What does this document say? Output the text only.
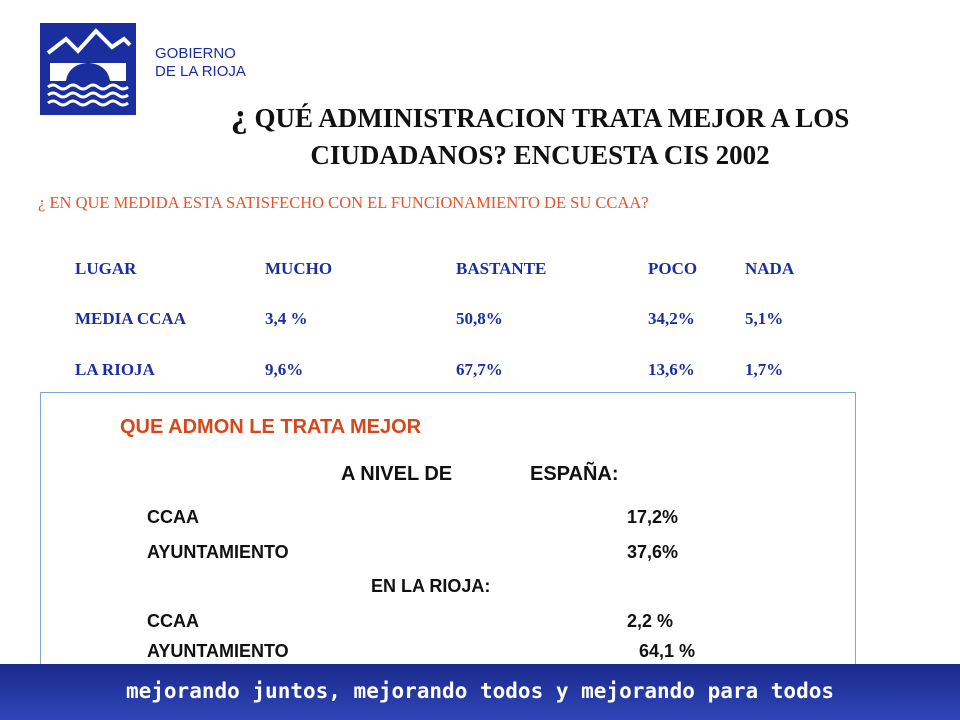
GOBIERNO
DE LA RIOJA
¿ QUÉ ADMINISTRACION TRATA MEJOR A LOS
CIUDADANOS? ENCUESTA CIS 2002
¿ EN QUE MEDIDA ESTA SATISFECHO CON EL FUNCIONAMIENTO DE SU CCAA?
LUGAR	MUCHO	BASTANTE	POCO	NADA
MEDIA CCAA	3,4 %	50,8%	34,2%	5,1%
LA RIOJA	9,6%	67,7%	13,6%	1,7%
QUE ADMON LE TRATA MEJOR
A NIVEL DE	ESPAÑA:
CCAA	17,2%
AYUNTAMIENTO	37,6%
EN LA RIOJA:
CCAA	2,2 %
AYUNTAMIENTO	64,1 %
mejorando juntos, mejorando todos y mejorando para todos
